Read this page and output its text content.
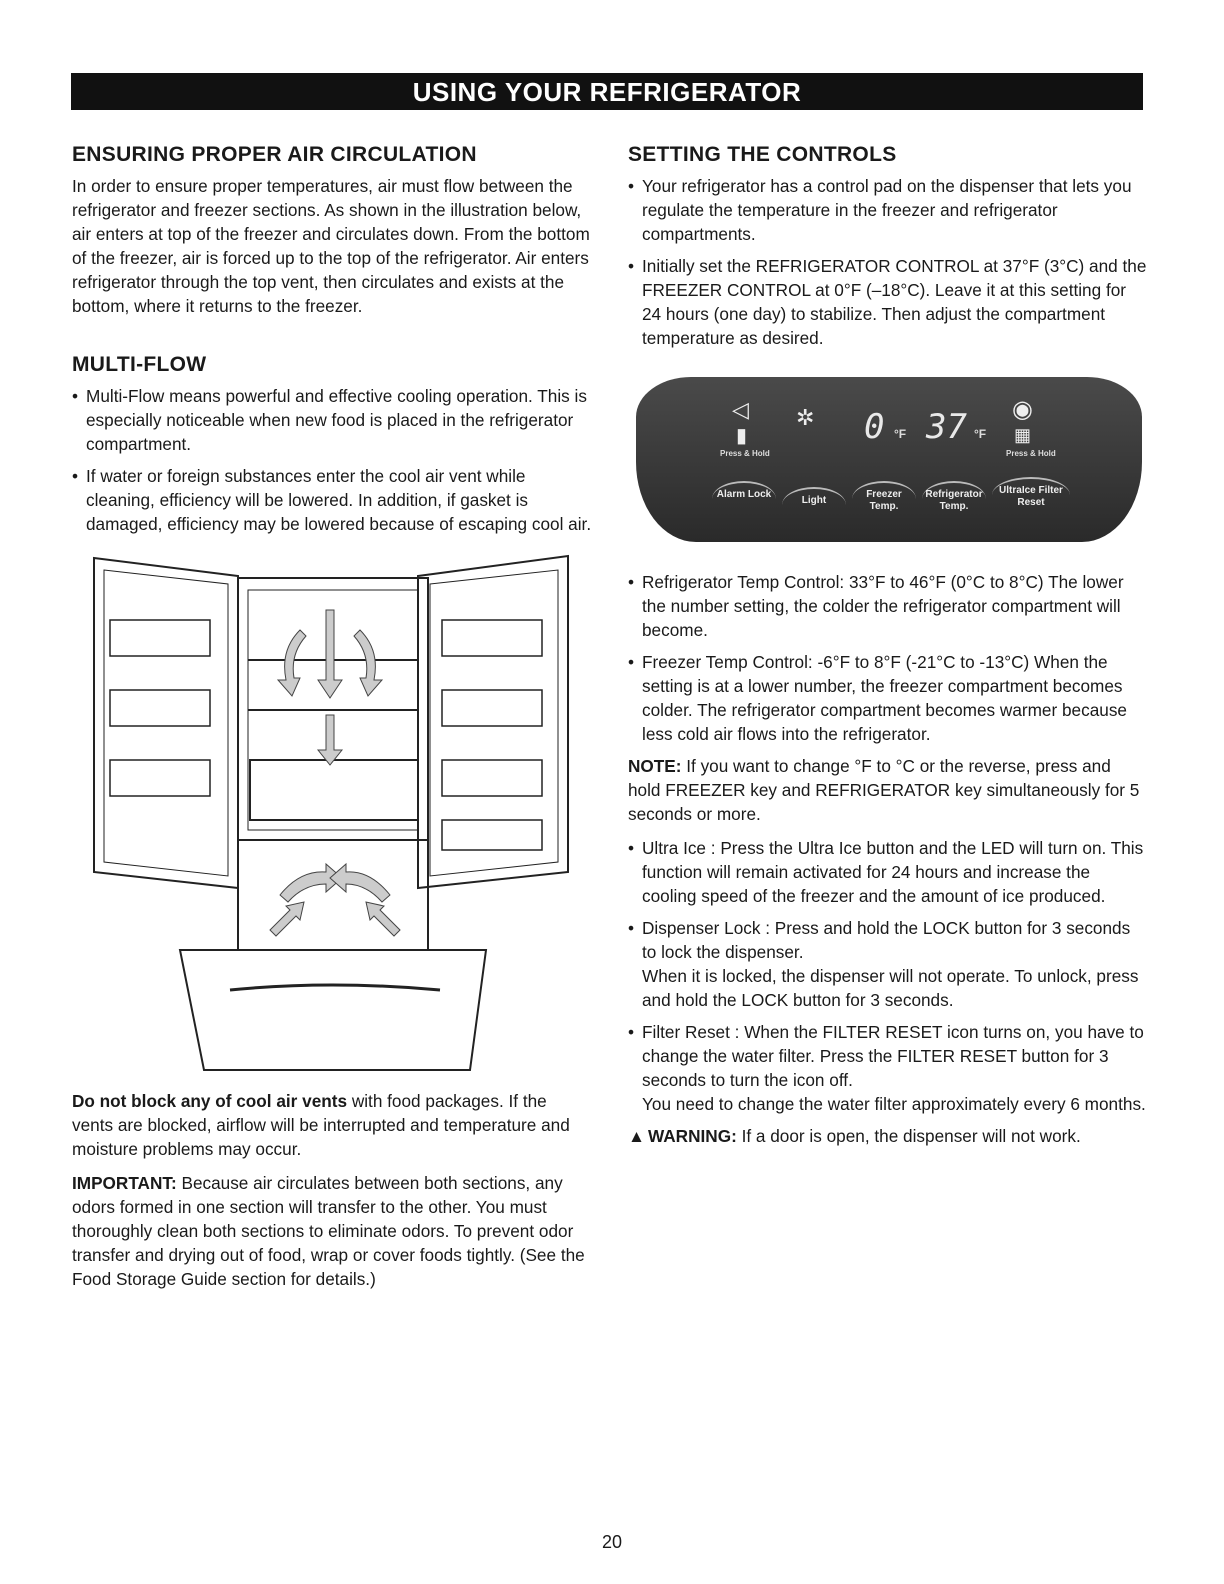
USING YOUR REFRIGERATOR
ENSURING PROPER AIR CIRCULATION

In order to ensure proper temperatures, air must flow between the refrigerator and freezer sections. As shown in the illustration below, air enters at top of the freezer and circulates down. From the bottom of the freezer, air is forced up to the top of the refrigerator. Air enters refrigerator through the top vent, then circulates and exists at the bottom, where it returns to the freezer.

MULTI-FLOW
• Multi-Flow means powerful and effective cooling operation. This is especially noticeable when new food is placed in the refrigerator compartment.
• If water or foreign substances enter the cool air vent while cleaning, efficiency will be lowered. In addition, if gasket is damaged, efficiency may be lowered because of escaping cool air.

Do not block any of cool air vents with food packages. If the vents are blocked, airflow will be interrupted and temperature and moisture problems may occur.

IMPORTANT: Because air circulates between both sections, any odors formed in one section will transfer to the other. You must thoroughly clean both sections to eliminate odors. To prevent odor transfer and drying out of food, wrap or cover foods tightly. (See the Food Storage Guide section for details.)

SETTING THE CONTROLS
• Your refrigerator has a control pad on the dispenser that lets you regulate the temperature in the freezer and refrigerator compartments.
• Initially set the REFRIGERATOR CONTROL at 37°F (3°C) and the FREEZER CONTROL at 0°F (–18°C). Leave it at this setting for 24 hours (one day) to stabilize. Then adjust the compartment temperature as desired.
◁
▮
✲
Press & Hold
0 °F 37 °F
◉
▦
Press & Hold
Alarm Lock
Light
Freezer Temp.
Refrigerator Temp.
UltraIce Filter Reset
• Refrigerator Temp Control: 33°F to 46°F (0°C to 8°C) The lower the number setting, the colder the refrigerator compartment will become.
• Freezer Temp Control: -6°F to 8°F (-21°C to -13°C) When the setting is at a lower number, the freezer compartment becomes colder. The refrigerator compartment becomes warmer because less cold air flows into the refrigerator.

NOTE: If you want to change °F to °C or the reverse, press and hold FREEZER key and REFRIGERATOR key simultaneously for 5 seconds or more.

• Ultra Ice : Press the Ultra Ice button and the LED will turn on. This function will remain activated for 24 hours and increase the cooling speed of the freezer and the amount of ice produced.
• Dispenser Lock : Press and hold the LOCK button for 3 seconds to lock the dispenser.
When it is locked, the dispenser will not operate. To unlock, press and hold the LOCK button for 3 seconds.
• Filter Reset : When the FILTER RESET icon turns on, you have to change the water filter. Press the FILTER RESET button for 3 seconds to turn the icon off.
You need to change the water filter approximately every 6 months.
▲ WARNING: If a door is open, the dispenser will not work.
20
